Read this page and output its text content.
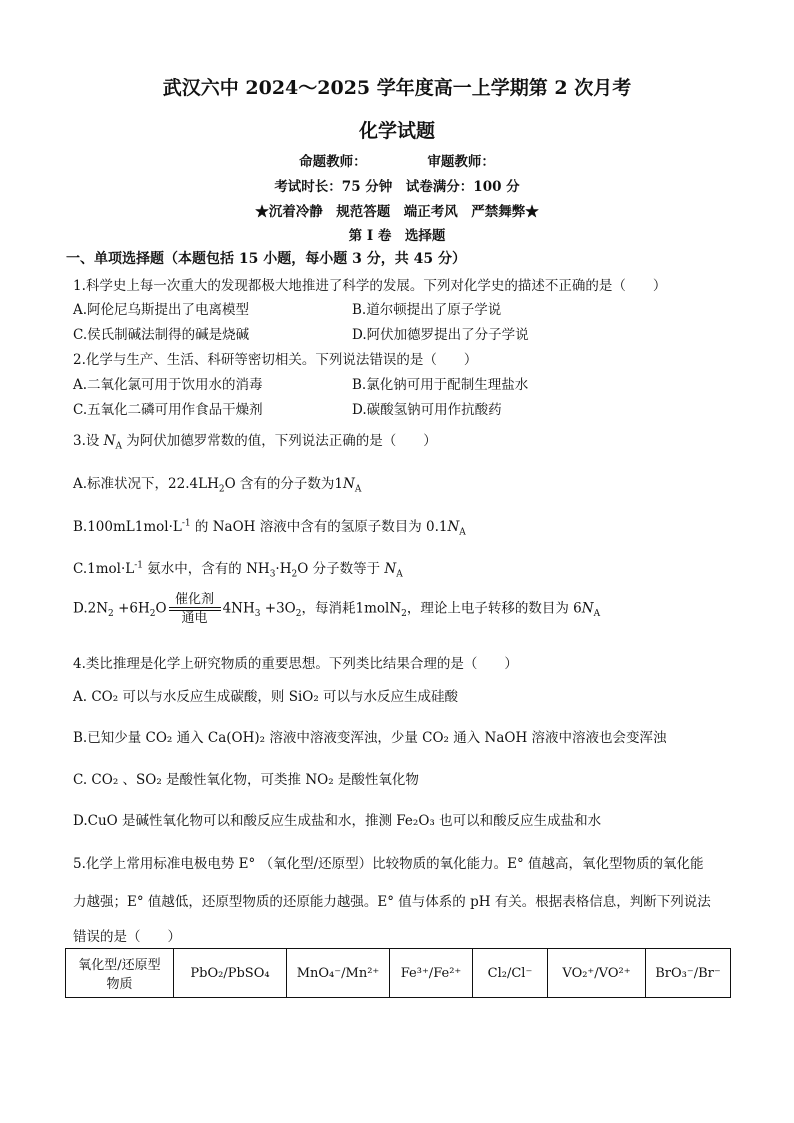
武汉六中 2024～2025 学年度高一上学期第 2 次月考
化学试题
命题教师：　　　　　审题教师：
考试时长：75 分钟　试卷满分：100 分
★沉着冷静　规范答题　端正考风　严禁舞弊★
第 I 卷　选择题
一、单项选择题（本题包括 15 小题，每小题 3 分，共 45 分）
1.科学史上每一次重大的发现都极大地推进了科学的发展。下列对化学史的描述不正确的是（　　）
A.阿伦尼乌斯提出了电离模型	B.道尔顿提出了原子学说
C.侯氏制碱法制得的碱是烧碱	D.阿伏加德罗提出了分子学说
2.化学与生产、生活、科研等密切相关。下列说法错误的是（　　）
A.二氧化氯可用于饮用水的消毒	B.氯化钠可用于配制生理盐水
C.五氧化二磷可用作食品干燥剂	D.碳酸氢钠可用作抗酸药
3.设 $N_A$ 为阿伏加德罗常数的值，下列说法正确的是（　　）
A.标准状况下，$22.4LH_2O$ 含有的分子数为$1N_A$
$B.100mL1mol\cdot L^{-1}$ 的 NaOH 溶液中含有的氢原子数目为 $0.1N_A$
$C.1mol\cdot L^{-1}$ 氨水中，含有的 $NH_3\cdot H_2O$ 分子数等于 $N_A$
$D.2N_2 +6H_2O \frac{\text{催化剂}}{\text{通电}} 4NH_3 +3O_2$，每消耗1molN$_2$，理论上电子转移的数目为 $6N_A$
4.类比推理是化学上研究物质的重要思想。下列类比结果合理的是（　　）
A. CO₂ 可以与水反应生成碳酸，则 SiO₂ 可以与水反应生成硅酸
B.已知少量 CO₂ 通入 Ca(OH)₂ 溶液中溶液变浑浊，少量 CO₂ 通入 NaOH 溶液中溶液也会变浑浊
C. CO₂ 、SO₂ 是酸性氧化物，可类推 NO₂ 是酸性氧化物
D.CuO 是碱性氧化物可以和酸反应生成盐和水，推测 Fe₂O₃ 也可以和酸反应生成盐和水
5.化学上常用标准电极电势 E° （氧化型/还原型）比较物质的氧化能力。E° 值越高，氧化型物质的氧化能
力越强；E° 值越低，还原型物质的还原能力越强。E° 值与体系的 pH 有关。根据表格信息，判断下列说法
错误的是（　　）
氧化型/还原型
物质
	PbO₂/PbSO₄	MnO₄⁻/Mn²⁺	Fe³⁺/Fe²⁺	Cl₂/Cl⁻	VO₂⁺/VO²⁺	BrO₃⁻/Br⁻
